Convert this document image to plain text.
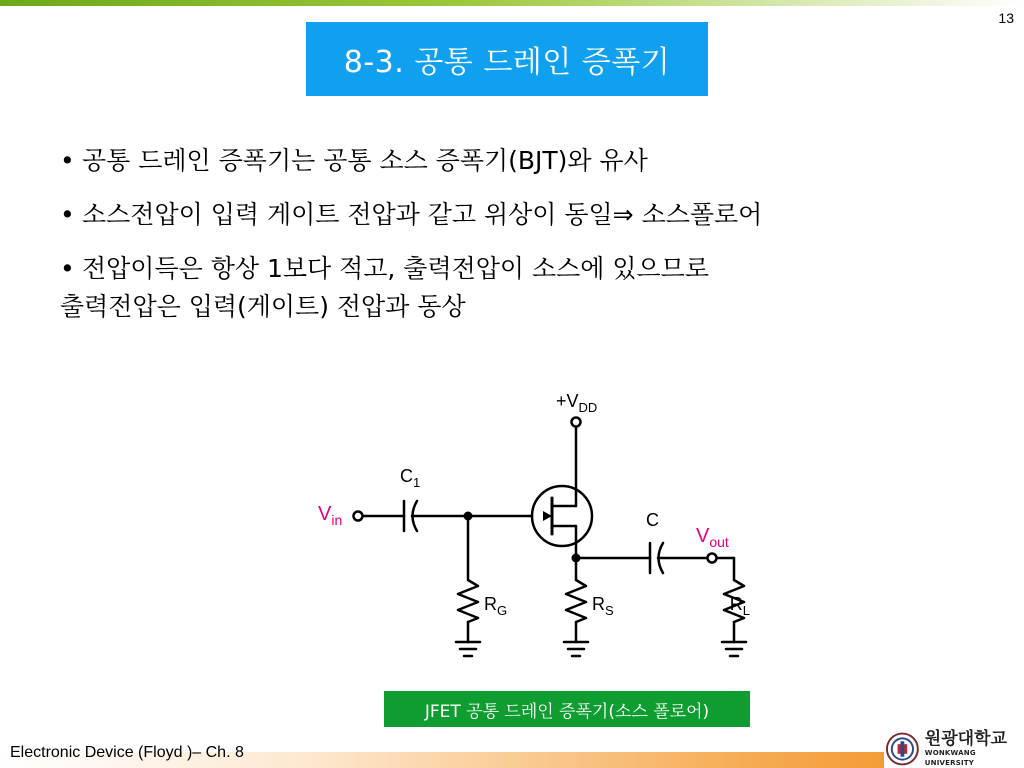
13
8-3. 공통 드레인 증폭기
• 공통 드레인 증폭기는 공통 소스 증폭기(BJT)와 유사
• 소스전압이 입력 게이트 전압과 같고 위상이 동일⇒ 소스폴로어
• 전압이득은 항상 1보다 적고, 출력전압이 소스에 있으므로
출력전압은 입력(게이트) 전압과 동상
$+V_{DD}$
$C_1$
C
$R_G$	$R_S$	$R_L$
$V_{in}$
$V_{out}$
JFET 공통 드레인 증폭기(소스 폴로어)
Electronic Device (Floyd )– Ch. 8
원광대학교
WONKWANG UNIVERSITY
